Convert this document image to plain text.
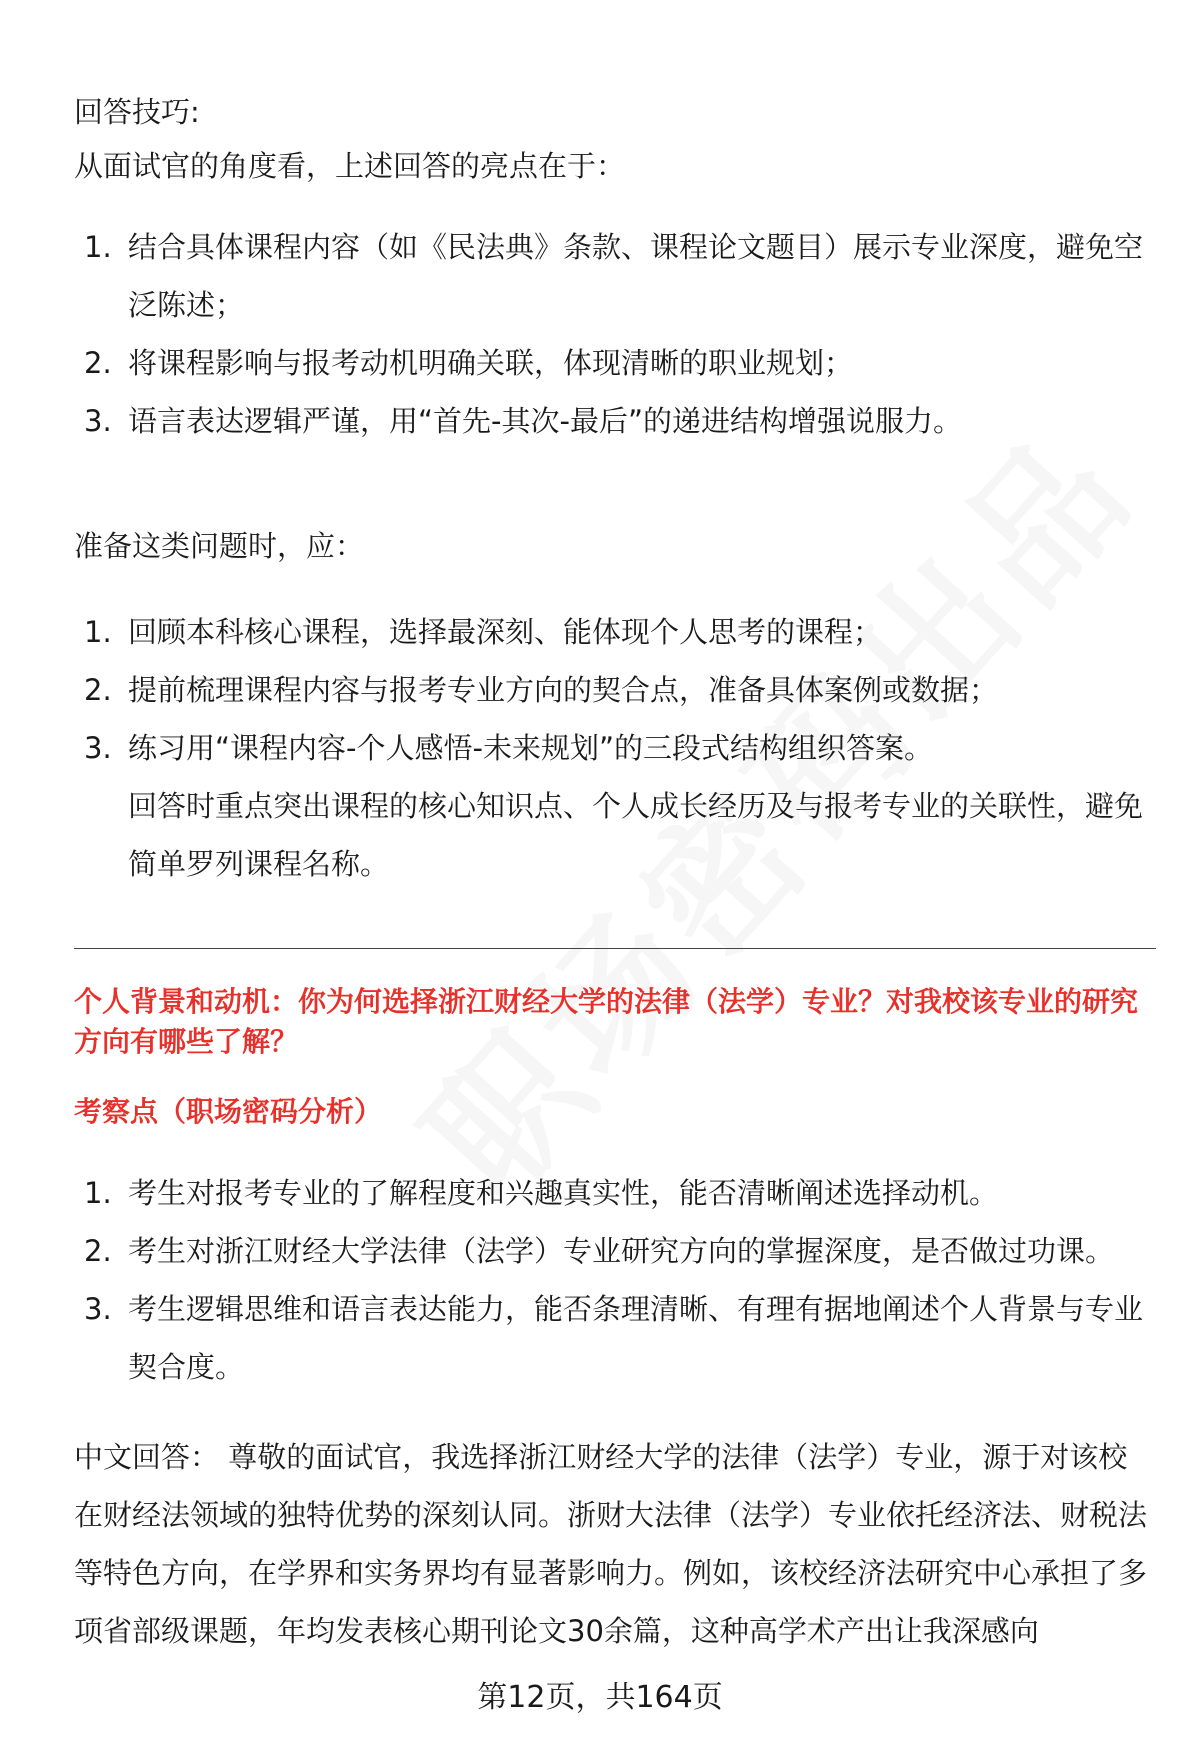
回答技巧:

从面试官的角度看，上述回答的亮点在于：

1. 结合具体课程内容（如《民法典》条款、课程论文题目）展示专业深度，避免空泛陈述；
2. 将课程影响与报考动机明确关联，体现清晰的职业规划；
3. 语言表达逻辑严谨，用“首先-其次-最后”的递进结构增强说服力。

准备这类问题时，应：

1. 回顾本科核心课程，选择最深刻、能体现个人思考的课程；
2. 提前梳理课程内容与报考专业方向的契合点，准备具体案例或数据；
3. 练习用“课程内容-个人感悟-未来规划”的三段式结构组织答案。

回答时重点突出课程的核心知识点、个人成长经历及与报考专业的关联性，避免简单罗列课程名称。

个人背景和动机：你为何选择浙江财经大学的法律（法学）专业？对我校该专业的研究方向有哪些了解？
考察点（职场密码分析）
1. 考生对报考专业的了解程度和兴趣真实性，能否清晰阐述选择动机。
2. 考生对浙江财经大学法律（法学）专业研究方向的掌握深度，是否做过功课。
3. 考生逻辑思维和语言表达能力，能否条理清晰、有理有据地阐述个人背景与专业契合度。

中文回答： 尊敬的面试官，我选择浙江财经大学的法律（法学）专业，源于对该校在财经法领域的独特优势的深刻认同。浙财大法律（法学）专业依托经济法、财税法等特色方向，在学界和实务界均有显著影响力。例如，该校经济法研究中心承担了多项省部级课题，年均发表核心期刊论文30余篇，这种高学术产出让我深感向

第12页，共164页
